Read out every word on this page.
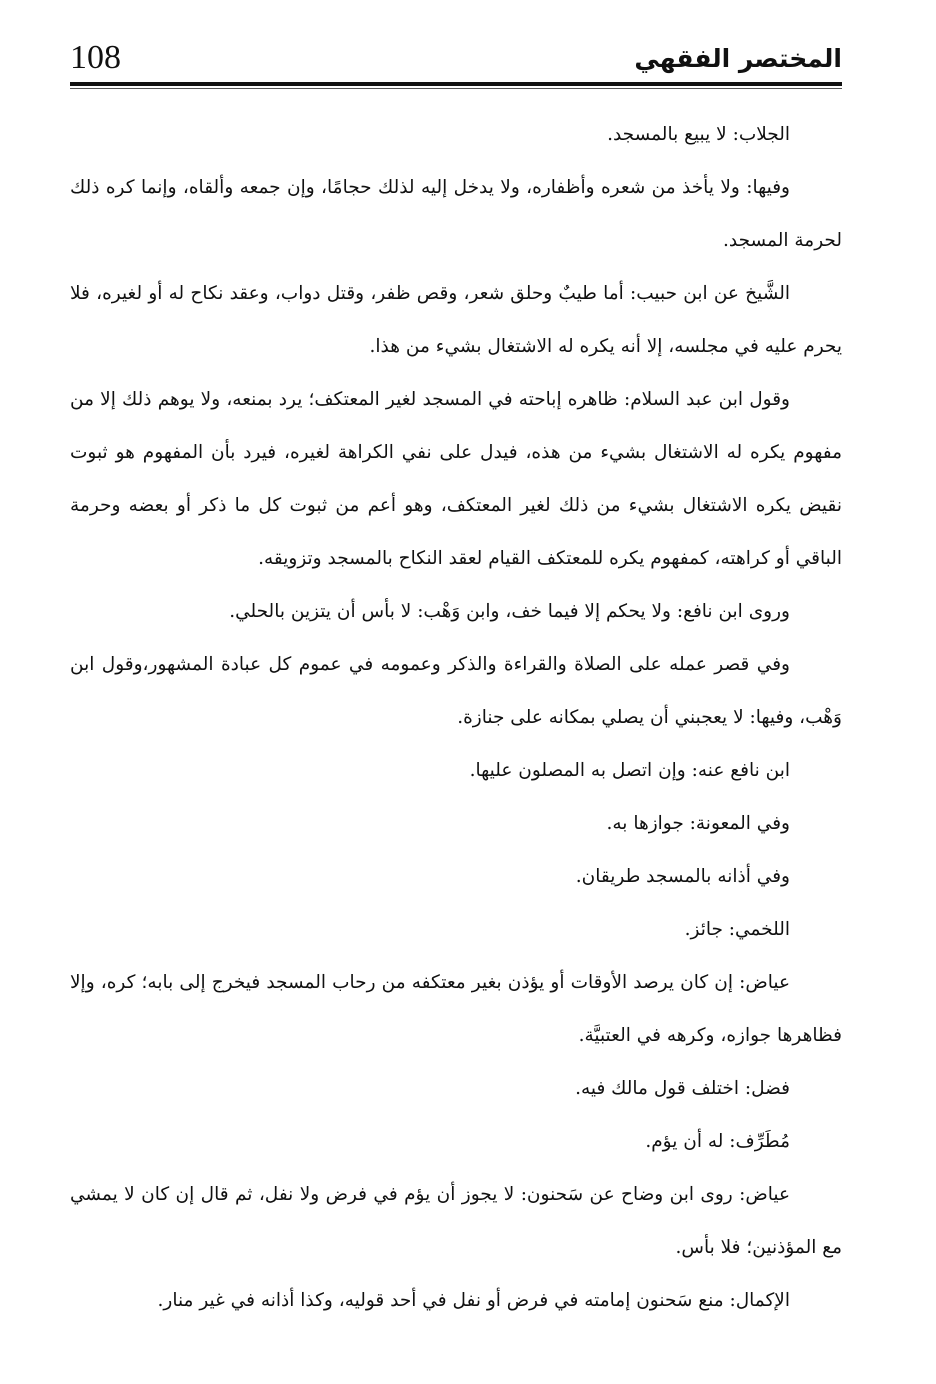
108	المختصر الفقهي

الجلاب: لا يبيع بالمسجد.

وفيها: ولا يأخذ من شعره وأظفاره، ولا يدخل إليه لذلك حجامًا، وإن جمعه وألقاه، وإنما كره ذلك لحرمة المسجد.

الشَّيخ عن ابن حبيب: أما طيبٌ وحلق شعر، وقص ظفر، وقتل دواب، وعقد نكاح له أو لغيره، فلا يحرم عليه في مجلسه، إلا أنه يكره له الاشتغال بشيء من هذا.

وقول ابن عبد السلام: ظاهره إباحته في المسجد لغير المعتكف؛ يرد بمنعه، ولا يوهم ذلك إلا من مفهوم يكره له الاشتغال بشيء من هذه، فيدل على نفي الكراهة لغيره، فيرد بأن المفهوم هو ثبوت نقيض يكره الاشتغال بشيء من ذلك لغير المعتكف، وهو أعم من ثبوت كل ما ذكر أو بعضه وحرمة الباقي أو كراهته، كمفهوم يكره للمعتكف القيام لعقد النكاح بالمسجد وتزويقه.

وروى ابن نافع: ولا يحكم إلا فيما خف، وابن وَهْب: لا بأس أن يتزين بالحلي.

وفي قصر عمله على الصلاة والقراءة والذكر وعمومه في عموم كل عبادة المشهور،وقول ابن وَهْب، وفيها: لا يعجبني أن يصلي بمكانه على جنازة.

ابن نافع عنه: وإن اتصل به المصلون عليها.

وفي المعونة: جوازها به.

وفي أذانه بالمسجد طريقان.

اللخمي: جائز.

عياض: إن كان يرصد الأوقات أو يؤذن بغير معتكفه من رحاب المسجد فيخرج إلى بابه؛ كره، وإلا فظاهرها جوازه، وكرهه في العتبيَّة.

فضل: اختلف قول مالك فيه.

مُطَرِّف: له أن يؤم.

عياض: روى ابن وضاح عن سَحنون: لا يجوز أن يؤم في فرض ولا نفل، ثم قال إن كان لا يمشي مع المؤذنين؛ فلا بأس.

الإكمال: منع سَحنون إمامته في فرض أو نفل في أحد قوليه، وكذا أذانه في غير منار.
